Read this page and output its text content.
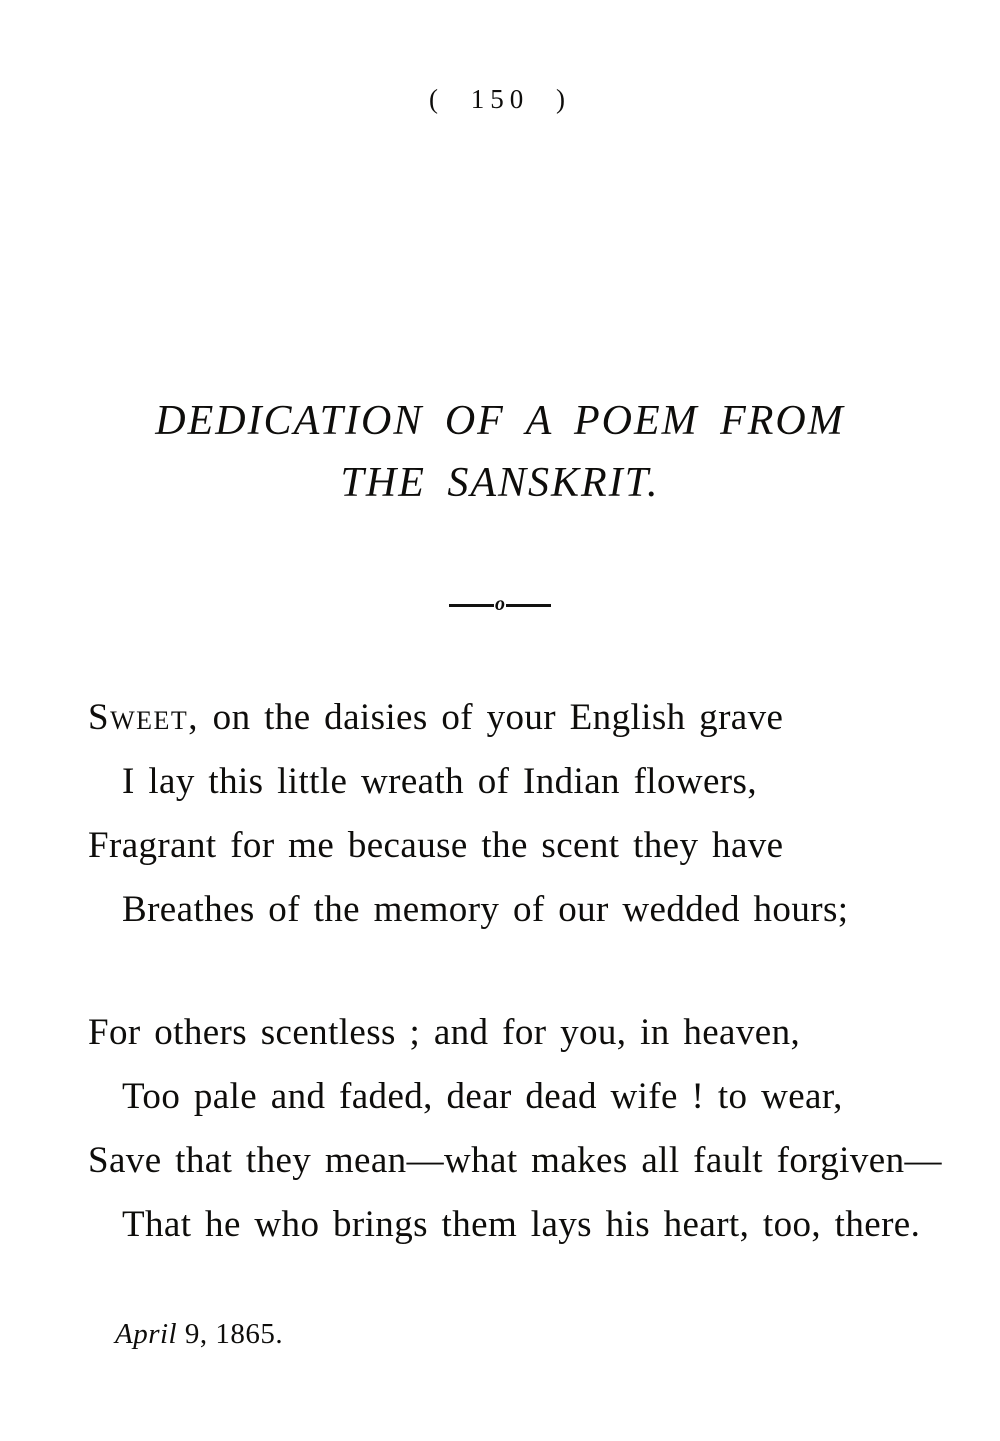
( 150 )
DEDICATION OF A POEM FROM
THE SANSKRIT.
o

Sweet, on the daisies of your English grave

I lay this little wreath of Indian flowers,

Fragrant for me because the scent they have

Breathes of the memory of our wedded hours;

For others scentless ; and for you, in heaven,

Too pale and faded, dear dead wife ! to wear,

Save that they mean—what makes all fault forgiven—

That he who brings them lays his heart, too, there.

April 9, 1865.
